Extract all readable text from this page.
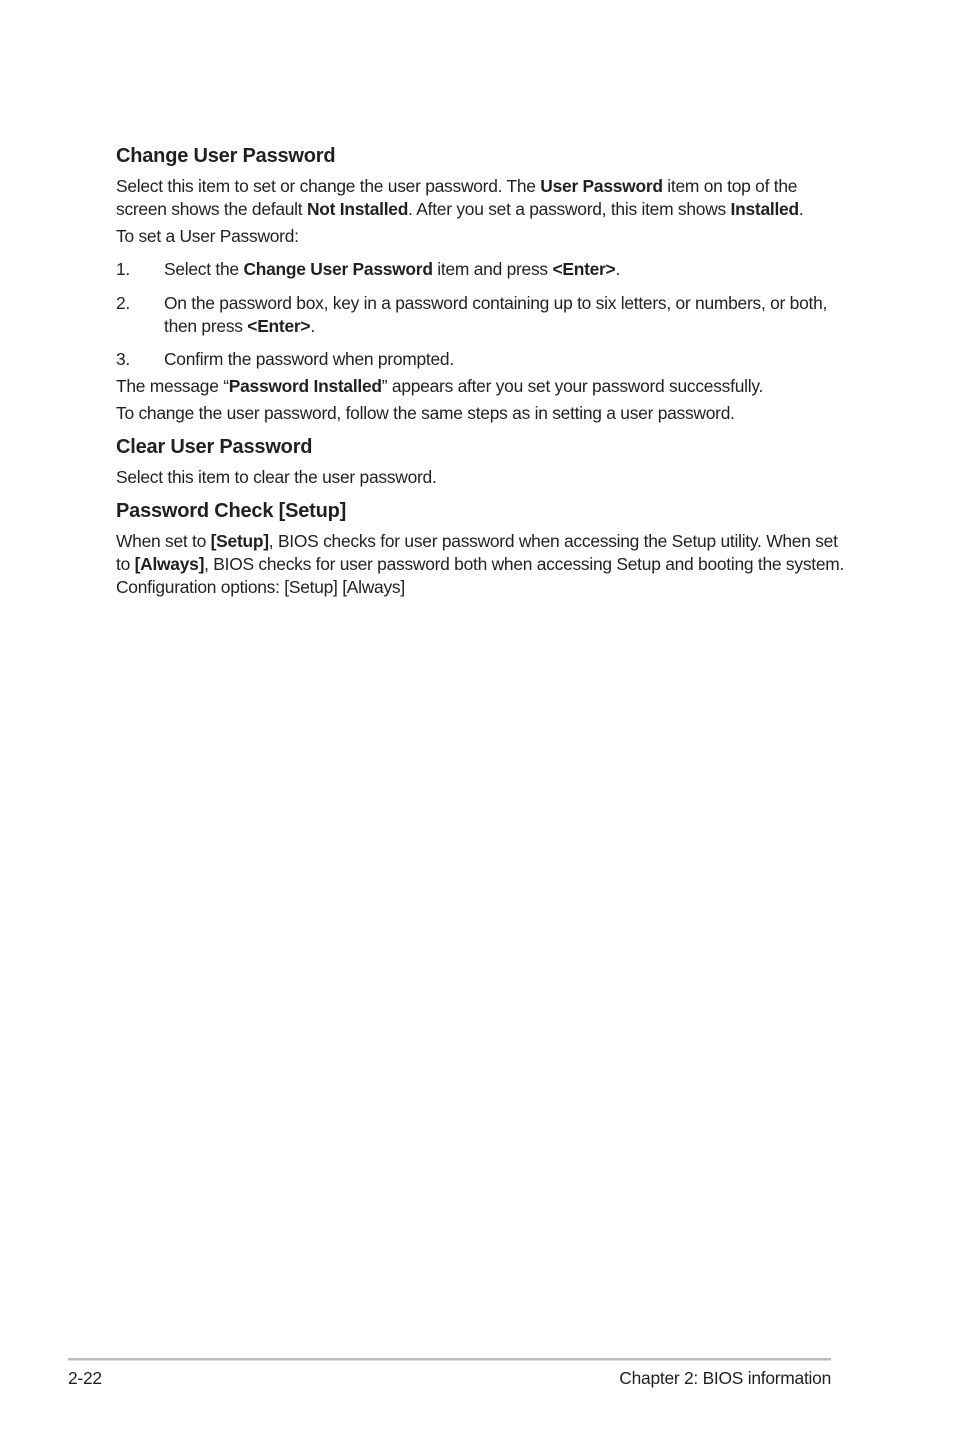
Change User Password

Select this item to set or change the user password. The User Password item on top of the screen shows the default Not Installed. After you set a password, this item shows Installed.

To set a User Password:

1. Select the Change User Password item and press <Enter>.

2. On the password box, key in a password containing up to six letters, or numbers, or both, then press <Enter>.

3. Confirm the password when prompted.

The message “Password Installed” appears after you set your password successfully.

To change the user password, follow the same steps as in setting a user password.

Clear User Password

Select this item to clear the user password.

Password Check [Setup]

When set to [Setup], BIOS checks for user password when accessing the Setup utility. When set to [Always], BIOS checks for user password both when accessing Setup and booting the system. Configuration options: [Setup] [Always]

2-22	Chapter 2: BIOS information
